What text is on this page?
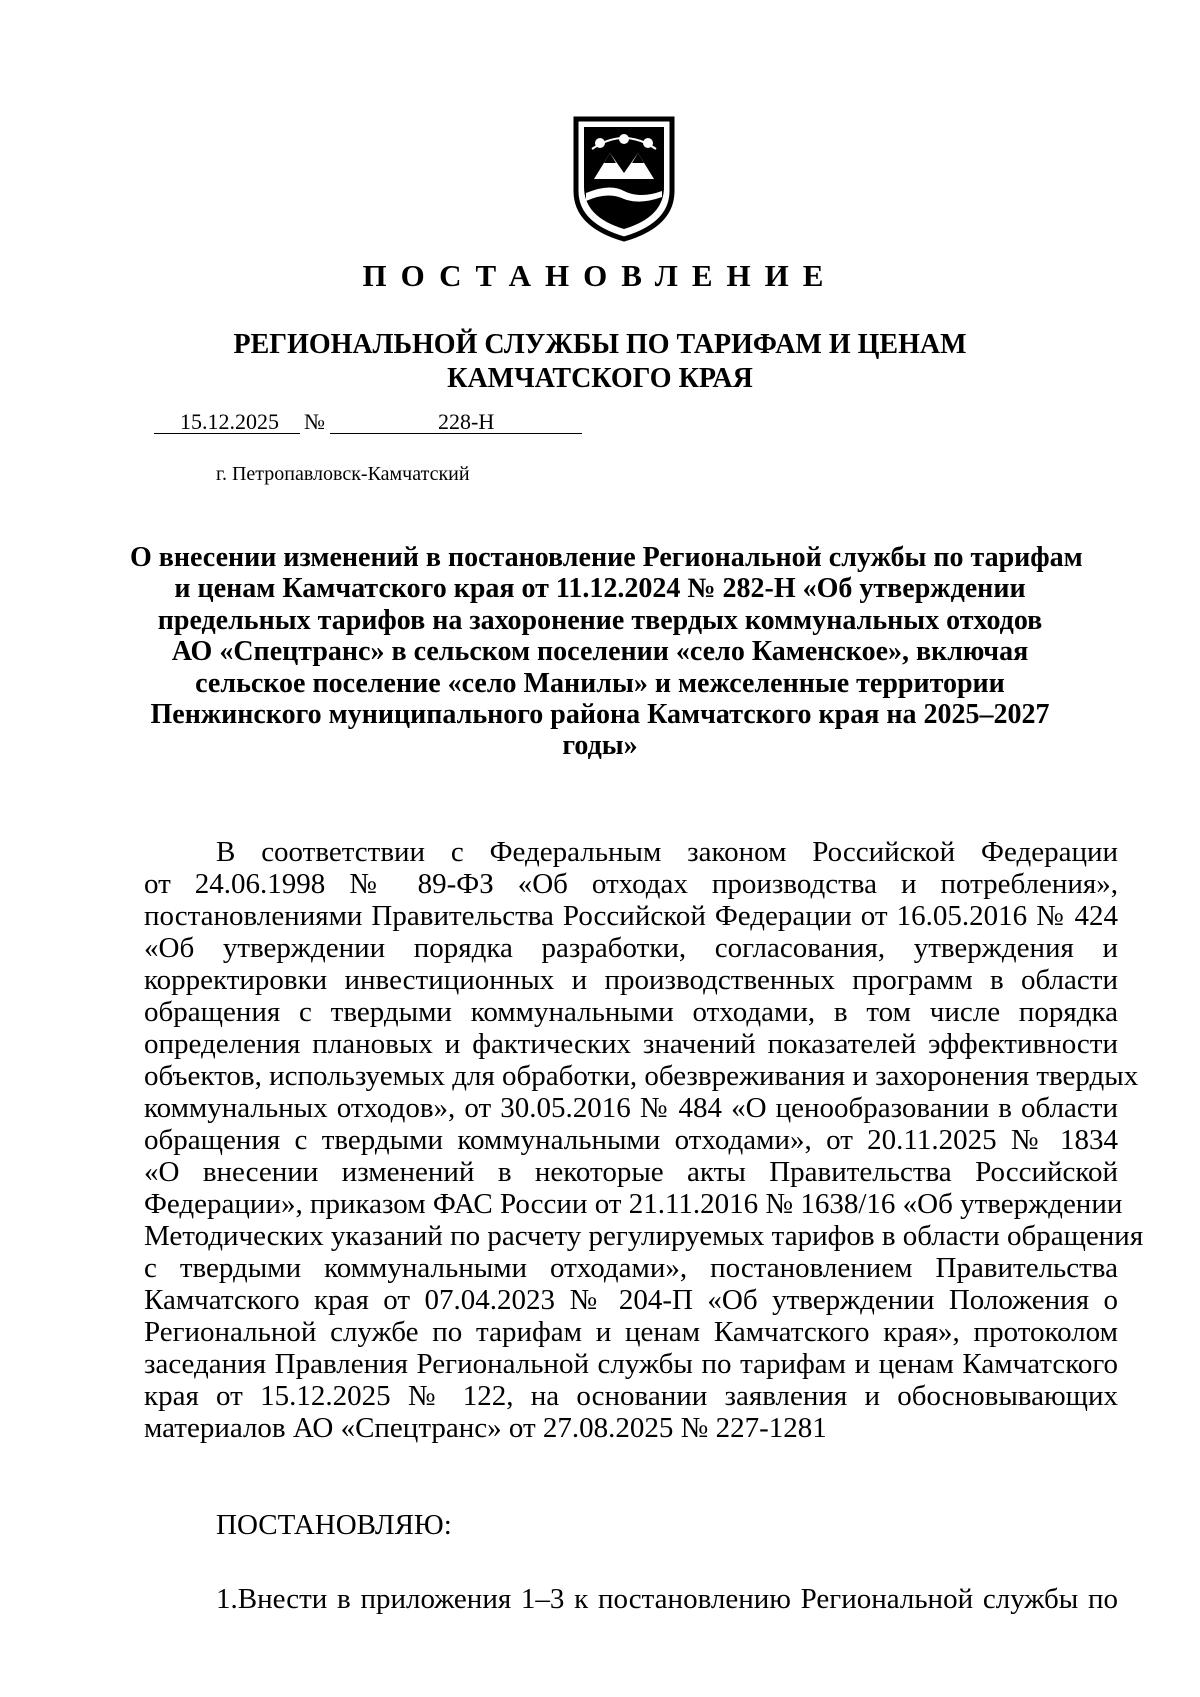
ПОСТАНОВЛЕНИЕ
РЕГИОНАЛЬНОЙ СЛУЖБЫ ПО ТАРИФАМ И ЦЕНАМ
КАМЧАТСКОГО КРАЯ
15.12.2025 №	228-Н
г. Петропавловск-Камчатский
О внесении изменений в постановление Региональной службы по тарифам
и ценам Камчатского края от 11.12.2024 № 282-Н «Об утверждении
предельных тарифов на захоронение твердых коммунальных отходов
АО «Спецтранс» в сельском поселении «село Каменское», включая
сельское поселение «село Манилы» и межселенные территории
Пенжинского муниципального района Камчатского края на 2025–2027
годы»
В соответствии с Федеральным законом Российской Федерации
от 24.06.1998 № 89-ФЗ «Об отходах производства и потребления»,
постановлениями Правительства Российской Федерации от 16.05.2016 № 424
«Об утверждении порядка разработки, согласования, утверждения и
корректировки инвестиционных и производственных программ в области
обращения с твердыми коммунальными отходами, в том числе порядка
определения плановых и фактических значений показателей эффективности
объектов, используемых для обработки, обезвреживания и захоронения твердых
коммунальных отходов», от 30.05.2016 № 484 «О ценообразовании в области
обращения с твердыми коммунальными отходами», от 20.11.2025 № 1834
«О внесении изменений в некоторые акты Правительства Российской
Федерации», приказом ФАС России от 21.11.2016 № 1638/16 «Об утверждении
Методических указаний по расчету регулируемых тарифов в области обращения
с твердыми коммунальными отходами», постановлением Правительства
Камчатского края от 07.04.2023 № 204-П «Об утверждении Положения о
Региональной службе по тарифам и ценам Камчатского края», протоколом
заседания Правления Региональной службы по тарифам и ценам Камчатского
края от 15.12.2025 № 122, на основании заявления и обосновывающих
материалов АО «Спецтранс» от 27.08.2025 № 227-1281
ПОСТАНОВЛЯЮ:
1.Внести в приложения 1–3 к постановлению Региональной службы по
